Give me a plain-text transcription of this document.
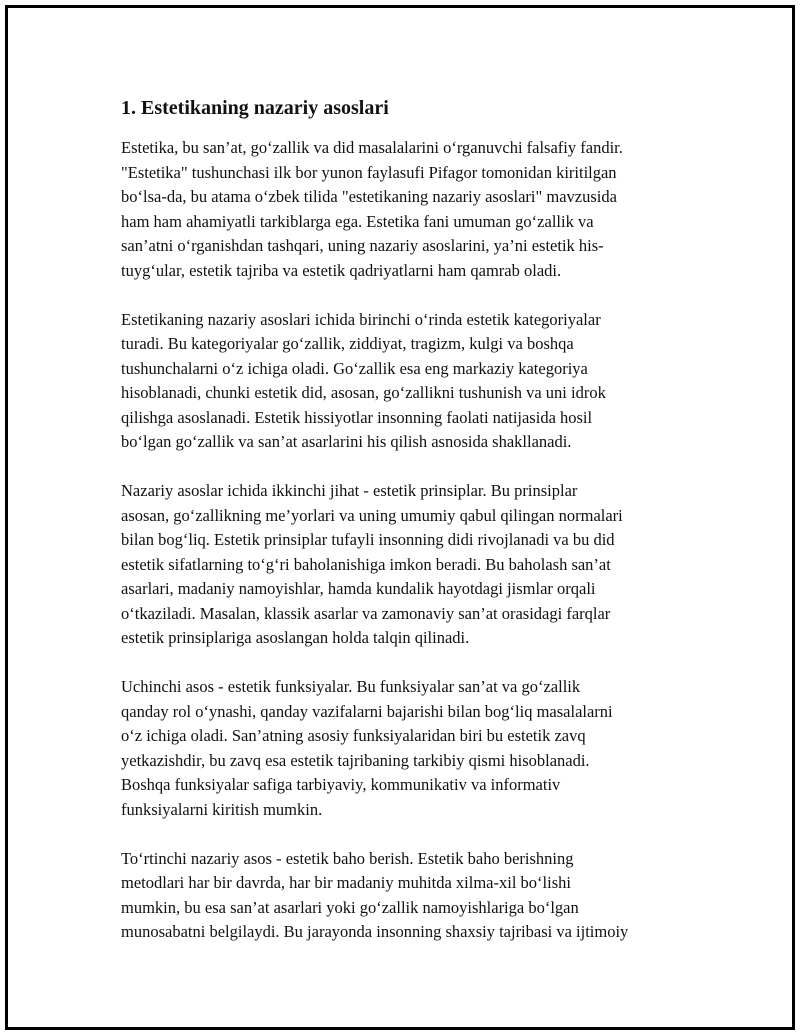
1. Estetikaning nazariy asoslari

Estetika, bu san’at, go‘zallik va did masalalarini o‘rganuvchi falsafiy fandir.
"Estetika" tushunchasi ilk bor yunon faylasufi Pifagor tomonidan kiritilgan
bo‘lsa-da, bu atama o‘zbek tilida "estetikaning nazariy asoslari" mavzusida
ham ham ahamiyatli tarkiblarga ega. Estetika fani umuman go‘zallik va
san’atni o‘rganishdan tashqari, uning nazariy asoslarini, ya’ni estetik his-
tuyg‘ular, estetik tajriba va estetik qadriyatlarni ham qamrab oladi.

Estetikaning nazariy asoslari ichida birinchi o‘rinda estetik kategoriyalar
turadi. Bu kategoriyalar go‘zallik, ziddiyat, tragizm, kulgi va boshqa
tushunchalarni o‘z ichiga oladi. Go‘zallik esa eng markaziy kategoriya
hisoblanadi, chunki estetik did, asosan, go‘zallikni tushunish va uni idrok
qilishga asoslanadi. Estetik hissiyotlar insonning faolati natijasida hosil
bo‘lgan go‘zallik va san’at asarlarini his qilish asnosida shakllanadi.

Nazariy asoslar ichida ikkinchi jihat - estetik prinsiplar. Bu prinsiplar
asosan, go‘zallikning me’yorlari va uning umumiy qabul qilingan normalari
bilan bog‘liq. Estetik prinsiplar tufayli insonning didi rivojlanadi va bu did
estetik sifatlarning to‘g‘ri baholanishiga imkon beradi. Bu baholash san’at
asarlari, madaniy namoyishlar, hamda kundalik hayotdagi jismlar orqali
o‘tkaziladi. Masalan, klassik asarlar va zamonaviy san’at orasidagi farqlar
estetik prinsiplariga asoslangan holda talqin qilinadi.

Uchinchi asos - estetik funksiyalar. Bu funksiyalar san’at va go‘zallik
qanday rol o‘ynashi, qanday vazifalarni bajarishi bilan bog‘liq masalalarni
o‘z ichiga oladi. San’atning asosiy funksiyalaridan biri bu estetik zavq
yetkazishdir, bu zavq esa estetik tajribaning tarkibiy qismi hisoblanadi.
Boshqa funksiyalar safiga tarbiyaviy, kommunikativ va informativ
funksiyalarni kiritish mumkin.

To‘rtinchi nazariy asos - estetik baho berish. Estetik baho berishning
metodlari har bir davrda, har bir madaniy muhitda xilma-xil bo‘lishi
mumkin, bu esa san’at asarlari yoki go‘zallik namoyishlariga bo‘lgan
munosabatni belgilaydi. Bu jarayonda insonning shaxsiy tajribasi va ijtimoiy
